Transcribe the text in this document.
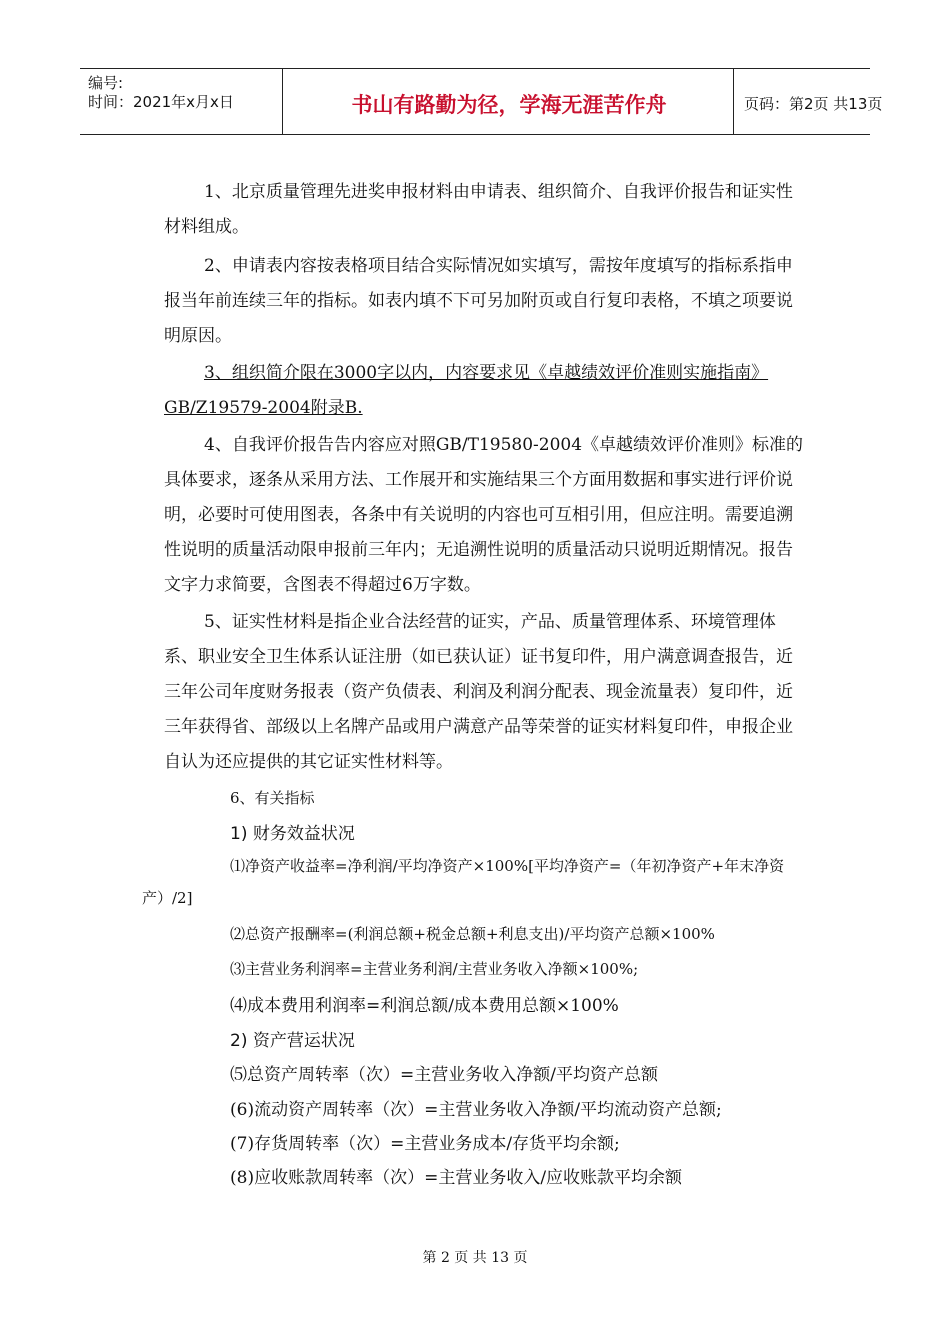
编号:
时间：2021年x月x日	书山有路勤为径，学海无涯苦作舟	页码：第2页 共13页

1、北京质量管理先进奖申报材料由申请表、组织简介、自我评价报告和证实性材料组成。

2、申请表内容按表格项目结合实际情况如实填写，需按年度填写的指标系指申报当年前连续三年的指标。如表内填不下可另加附页或自行复印表格，不填之项要说明原因。

3、组织简介限在3000字以内，内容要求见《卓越绩效评价准则实施指南》GB/Z19579-2004附录B.

4、自我评价报告告内容应对照GB/T19580-2004《卓越绩效评价准则》标准的具体要求，逐条从采用方法、工作展开和实施结果三个方面用数据和事实进行评价说明，必要时可使用图表，各条中有关说明的内容也可互相引用，但应注明。需要追溯性说明的质量活动限申报前三年内；无追溯性说明的质量活动只说明近期情况。报告文字力求简要，含图表不得超过6万字数。

5、证实性材料是指企业合法经营的证实，产品、质量管理体系、环境管理体系、职业安全卫生体系认证注册（如已获认证）证书复印件，用户满意调查报告，近三年公司年度财务报表（资产负债表、利润及利润分配表、现金流量表）复印件，近三年获得省、部级以上名牌产品或用户满意产品等荣誉的证实材料复印件，申报企业自认为还应提供的其它证实性材料等。

6、有关指标
1) 财务效益状况

⑴净资产收益率=净利润/平均净资产×100%[平均净资产=（年初净资产+年末净资产）/2]

⑵总资产报酬率=(利润总额+税金总额+利息支出)/平均资产总额×100%
⑶主营业务利润率=主营业务利润/主营业务收入净额×100%;
⑷成本费用利润率=利润总额/成本费用总额×100%
2) 资产营运状况
⑸总资产周转率（次）=主营业务收入净额/平均资产总额
(6)流动资产周转率（次）=主营业务收入净额/平均流动资产总额;
(7)存货周转率（次）=主营业务成本/存货平均余额;
(8)应收账款周转率（次）=主营业务收入/应收账款平均余额
第 2 页 共 13 页
